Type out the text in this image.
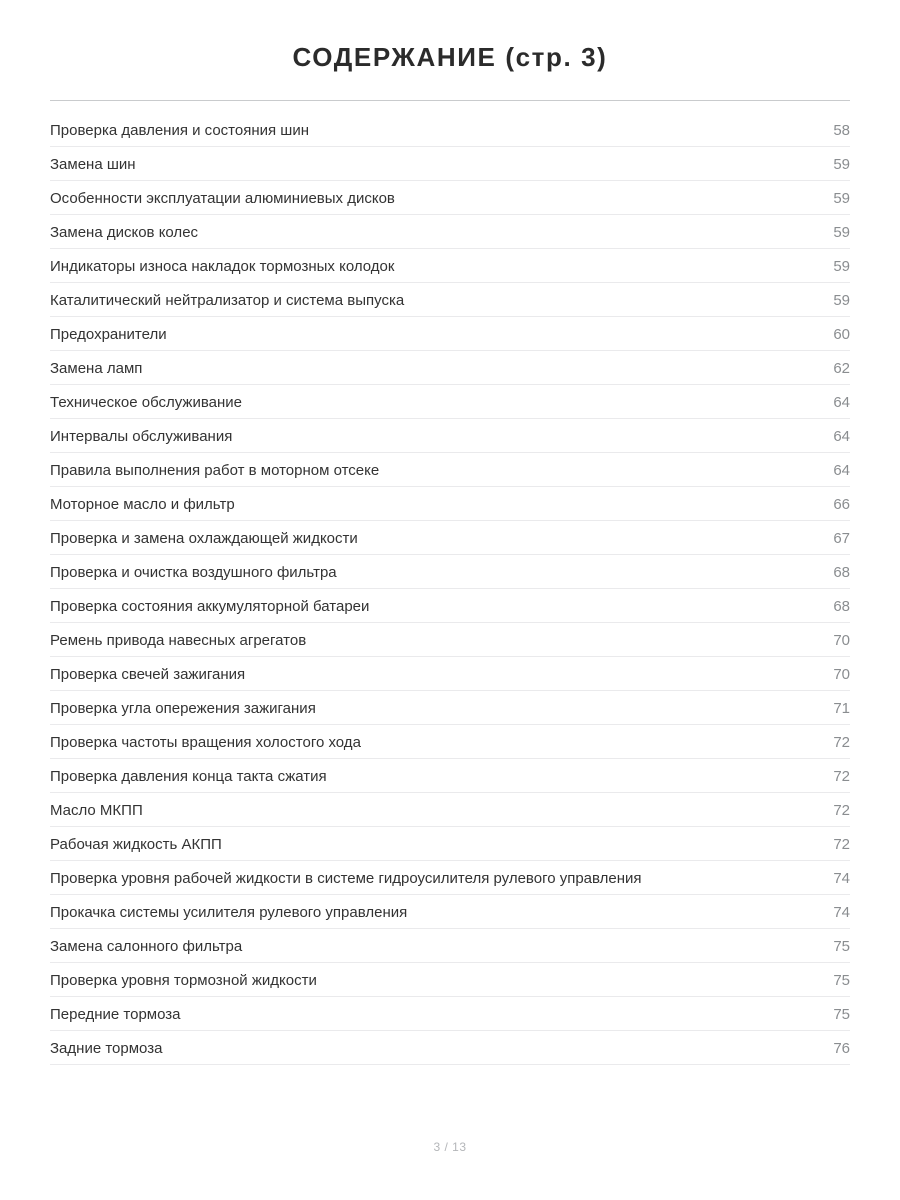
СОДЕРЖАНИЕ (стр. 3)
Проверка давления и состояния шин	58
Замена шин	59
Особенности эксплуатации алюминиевых дисков	59
Замена дисков колес	59
Индикаторы износа накладок тормозных колодок	59
Каталитический нейтрализатор и система выпуска	59
Предохранители	60
Замена ламп	62
Техническое обслуживание	64
Интервалы обслуживания	64
Правила выполнения работ в моторном отсеке	64
Моторное масло и фильтр	66
Проверка и замена охлаждающей жидкости	67
Проверка и очистка воздушного фильтра	68
Проверка состояния аккумуляторной батареи	68
Ремень привода навесных агрегатов	70
Проверка свечей зажигания	70
Проверка угла опережения зажигания	71
Проверка частоты вращения холостого хода	72
Проверка давления конца такта сжатия	72
Масло МКПП	72
Рабочая жидкость АКПП	72
Проверка уровня рабочей жидкости в системе гидроусилителя рулевого управления	74
Прокачка системы усилителя рулевого управления	74
Замена салонного фильтра	75
Проверка уровня тормозной жидкости	75
Передние тормоза	75
Задние тормоза	76
3 / 13
